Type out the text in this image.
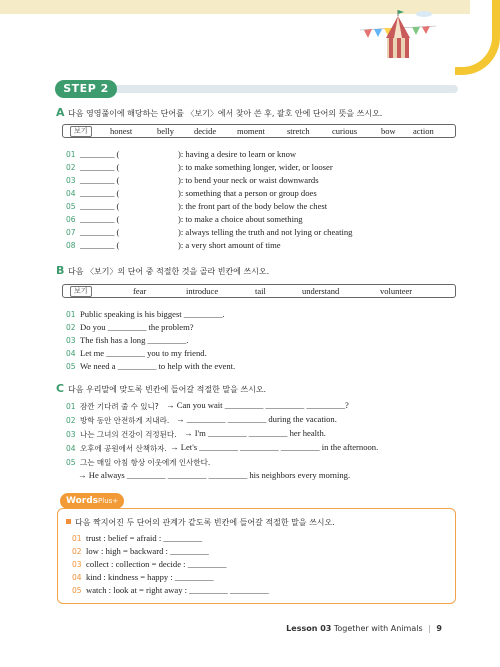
STEP 2
A 다음 영영풀이에 해당하는 단어를 〈보기〉에서 찾아 쓴 후, 괄호 안에 단어의 뜻을 쓰시오.
보기	honest	belly decide moment	stretch	curious	bow action
01 ________ (	): having a desire to learn or know
02 ________ (	): to make something longer, wider, or looser
03 ________ (	): to bend your neck or waist downwards
04 ________ (	): something that a person or group does
05 ________ (	): the front part of the body below the chest
06 ________ (	): to make a choice about something
07 ________ (	): always telling the truth and not lying or cheating
08 ________ (	): a very short amount of time
B 다음 〈보기〉의 단어 중 적절한 것을 골라 빈칸에 쓰시오.
보기	fear	introduce	tail	understand	volunteer
01 Public speaking is his biggest _________.
02 Do you _________ the problem?
03 The fish has a long _________.
04 Let me _________ you to my friend.
05 We need a _________ to help with the event.
C 다음 우리말에 맞도록 빈칸에 들어갈 적절한 말을 쓰시오.
01 잠깐 기다려 줄 수 있니? → Can you wait _________ _________ _________?
02 방학 동안 안전하게 지내라. → _________ _________ during the vacation.
03 나는 그녀의 건강이 걱정된다. → I'm _________ _________ her health.
04 오후에 공원에서 산책하자. → Let's _________ _________ _________ in the afternoon.
05 그는 매일 아침 항상 이웃에게 인사한다.
→ He always _________ _________ _________ his neighbors every morning.
WordsPlus+
다음 짝지어진 두 단어의 관계가 같도록 빈칸에 들어갈 적절한 말을 쓰시오.
01 trust : belief = afraid : _________
02 low : high = backward : _________
03 collect : collection = decide : _________
04 kind : kindness = happy : _________
05 watch : look at = right away : _________ _________
Lesson 03 Together with Animals | 9
